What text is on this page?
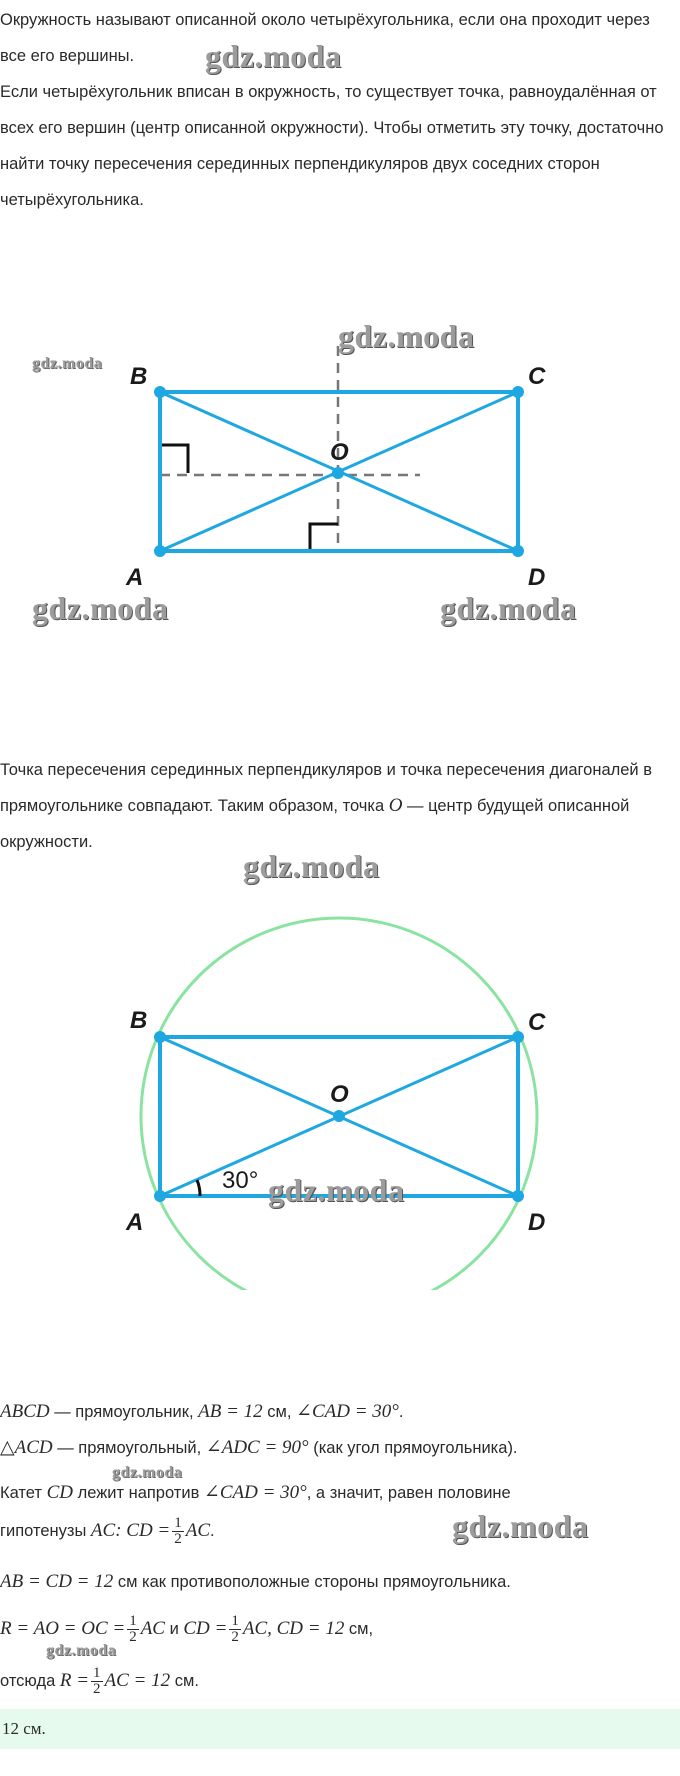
Окружность называют описанной около четырёхугольника, если она проходит через все его вершины.
Если четырёхугольник вписан в окружность, то существует точка, равноудалённая от всех его вершин (центр описанной окружности). Чтобы отметить эту точку, достаточно найти точку пересечения серединных перпендикуляров двух соседних сторон четырёхугольника.

B	C
A	D
O

Точка пересечения серединных перпендикуляров и точка пересечения диагоналей в прямоугольнике совпадают. Таким образом, точка O — центр будущей описанной окружности.

B	C
A	D
O
30°
ABCD — прямоугольник, AB = 12 см, ∠CAD = 30°.
△ACD — прямоугольный, ∠ADC = 90° (как угол прямоугольника).
Катет CD лежит напротив ∠CAD = 30°, а значит, равен половине
гипотенузы AC: CD = $\frac{1}{2}$ AC.
AB = CD = 12 см как противоположные стороны прямоугольника.
R = AO = OC = $\frac{1}{2}$ AC и CD = $\frac{1}{2}$ AC, CD = 12 см,
отсюда $R = \frac{1}{2}$ AC = 12 см.
12 см.
gdz.moda
gdz.moda
gdz.moda
gdz.moda	gdz.moda
gdz.moda
gdz.moda
gdz.moda
gdz.moda
gdz.moda
